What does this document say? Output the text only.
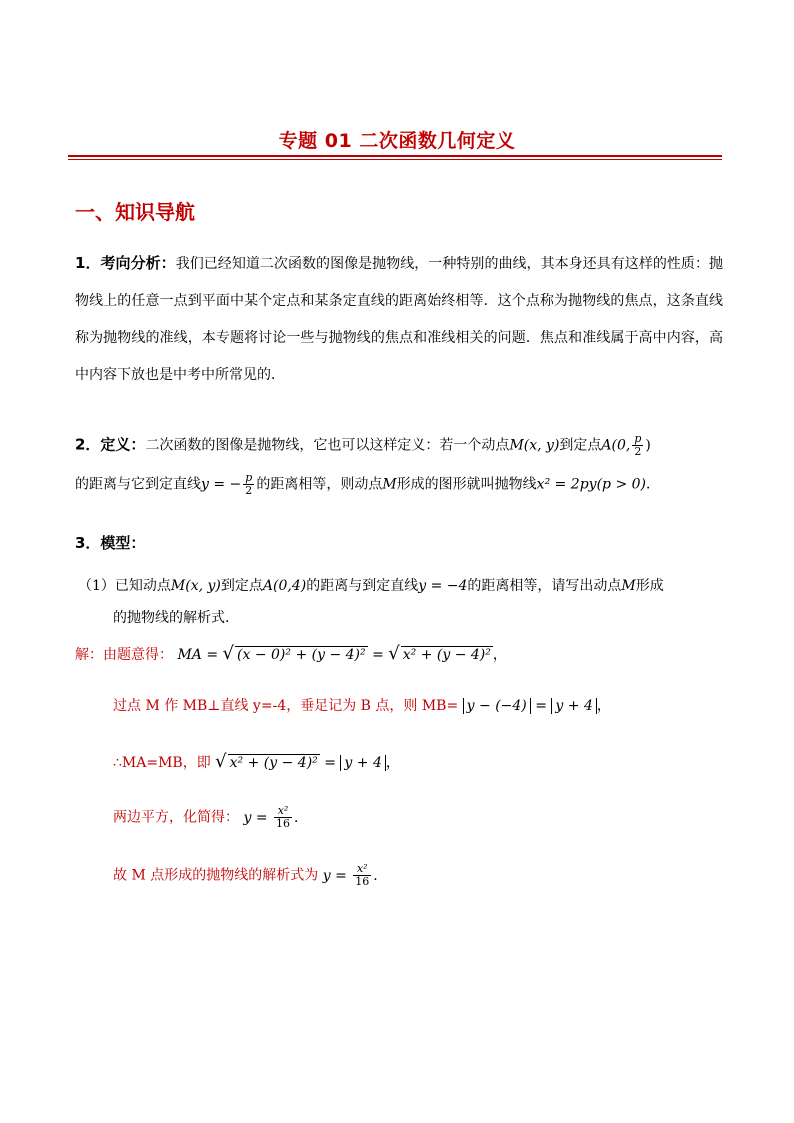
专题 01 二次函数几何定义
一、知识导航
1．考向分析：我们已经知道二次函数的图像是抛物线，一种特别的曲线，其本身还具有这样的性质：抛物线上的任意一点到平面中某个定点和某条定直线的距离始终相等．这个点称为抛物线的焦点，这条直线称为抛物线的准线，本专题将讨论一些与抛物线的焦点和准线相关的问题．焦点和准线属于高中内容，高中内容下放也是中考中所常见的．
2．定义：二次函数的图像是抛物线，它也可以这样定义：若一个动点M(x, y)到定点A(0, $\frac{p}{2}$ )
的距离与它到定直线y = − $\frac{p}{2}$ 的距离相等，则动点M形成的图形就叫抛物线x² = 2py(p > 0)．
3．模型：
（1）已知动点M(x, y)到定点A(0,4)的距离与到定直线y = −4的距离相等，请写出动点M形成
的抛物线的解析式．
解：由题意得： MA = √ (x − 0)² + (y − 4)² = √ x² + (y − 4)² ，
过点 M 作 MB⊥直线 y=-4，垂足记为 B 点，则 MB= y − (−4) = y + 4 ，
∴MA=MB，即 √ x² + (y − 4)² = y + 4 ，
两边平方，化简得： $y = \frac{\text{x²}}{16}$ ．
故 M 点形成的抛物线的解析式为 $y = \frac{\text{x²}}{16}$ ．
